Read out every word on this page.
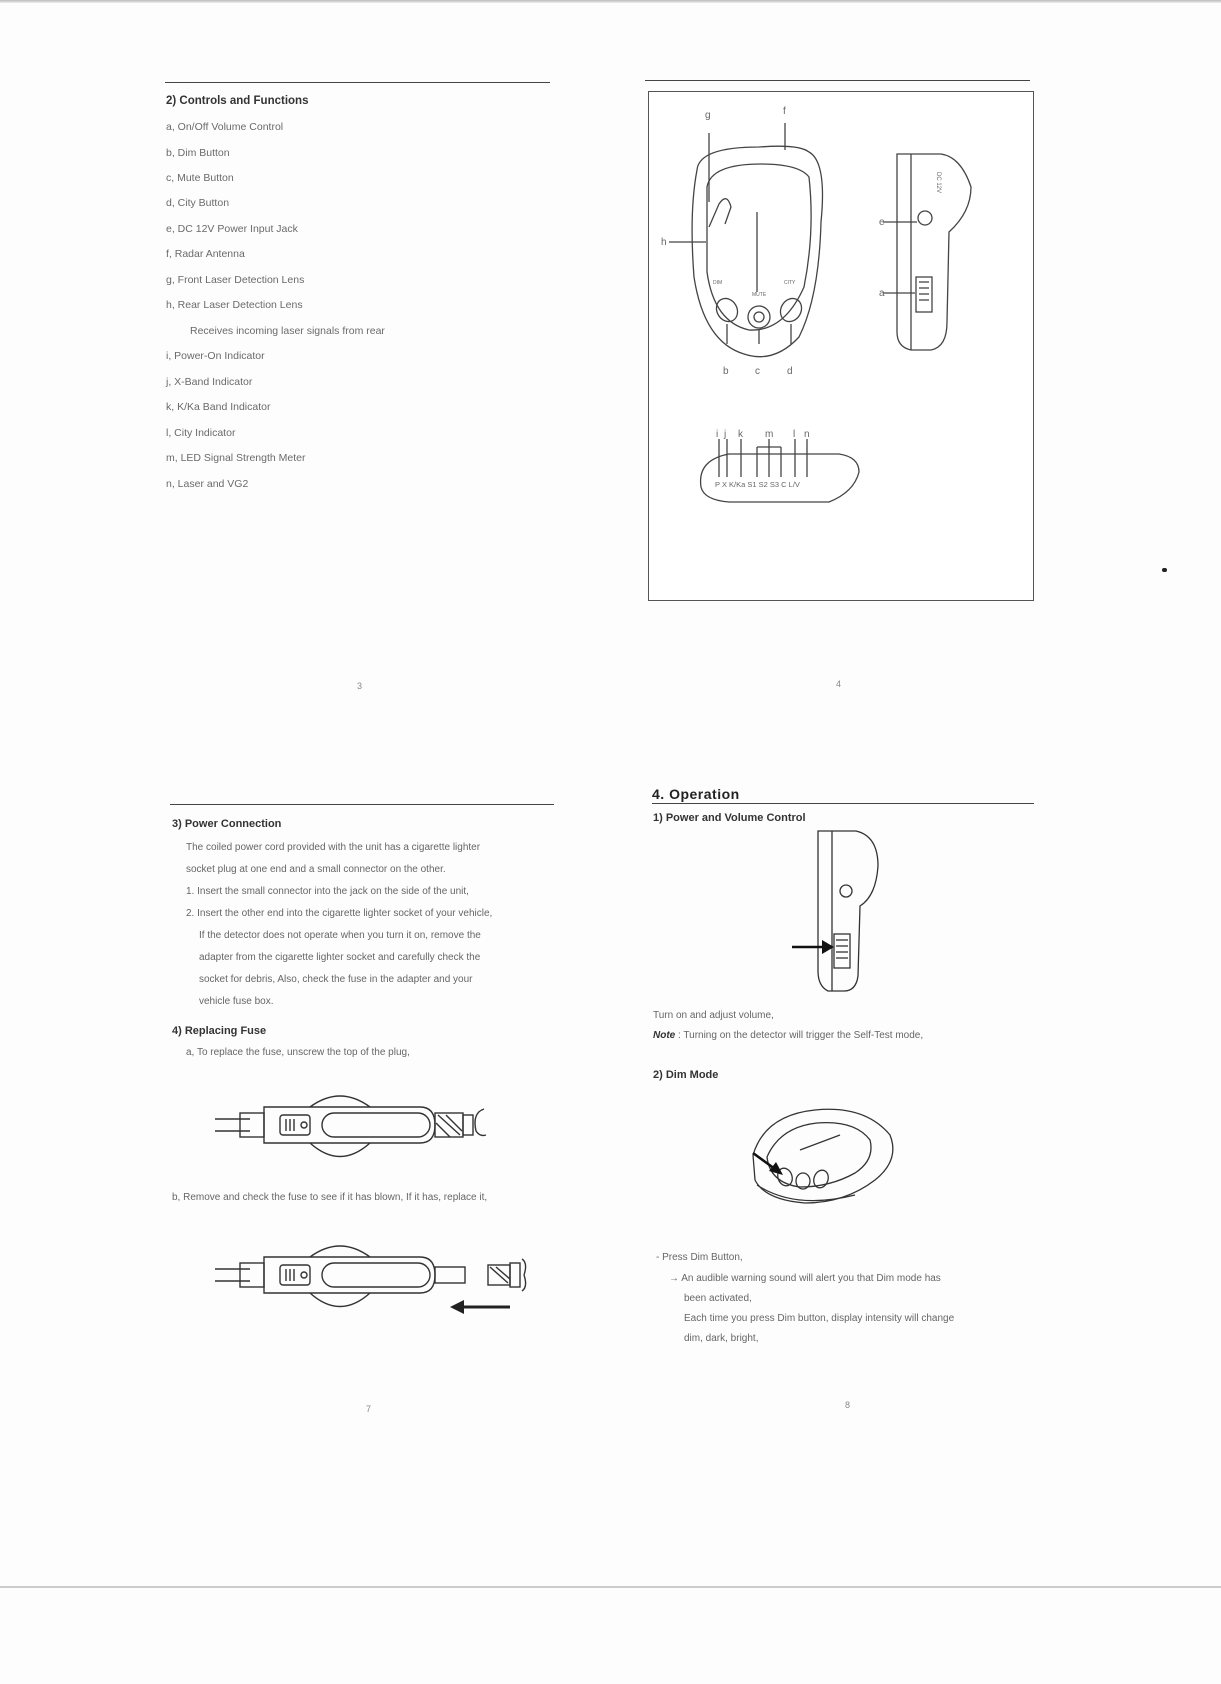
2) Controls and Functions
a, On/Off Volume Control
b, Dim Button
c, Mute Button
d, City Button
e, DC 12V Power Input Jack
f, Radar Antenna
g, Front Laser Detection Lens
h, Rear Laser Detection Lens
Receives incoming laser signals from rear
i, Power-On Indicator
j, X-Band Indicator
k, K/Ka Band Indicator
l, City Indicator
m, LED Signal Strength Meter
n, Laser and VG2
3
g	f
h
b	c	d
DIM
MUTE
CITY
DC 12V
e
a
i j k m l n
P X K/Ka S1 S2 S3 C L/V
4
3) Power Connection
The coiled power cord provided with the unit has a cigarette lighter
socket plug at one end and a small connector on the other.
1. Insert the small connector into the jack on the side of the unit,
2. Insert the other end into the cigarette lighter socket of your vehicle,
If the detector does not operate when you turn it on, remove the
adapter from the cigarette lighter socket and carefully check the
socket for debris, Also, check the fuse in the adapter and your
vehicle fuse box.
4) Replacing Fuse
a, To replace the fuse, unscrew the top of the plug,
b, Remove and check the fuse to see if it has blown, If it has, replace it,
7
4. Operation
1) Power and Volume Control
Turn on and adjust volume,
Note : Turning on the detector will trigger the Self-Test mode,
2) Dim Mode
- Press Dim Button,
→ An audible warning sound will alert you that Dim mode has
been activated,
Each time you press Dim button, display intensity will change
dim, dark, bright,
8
